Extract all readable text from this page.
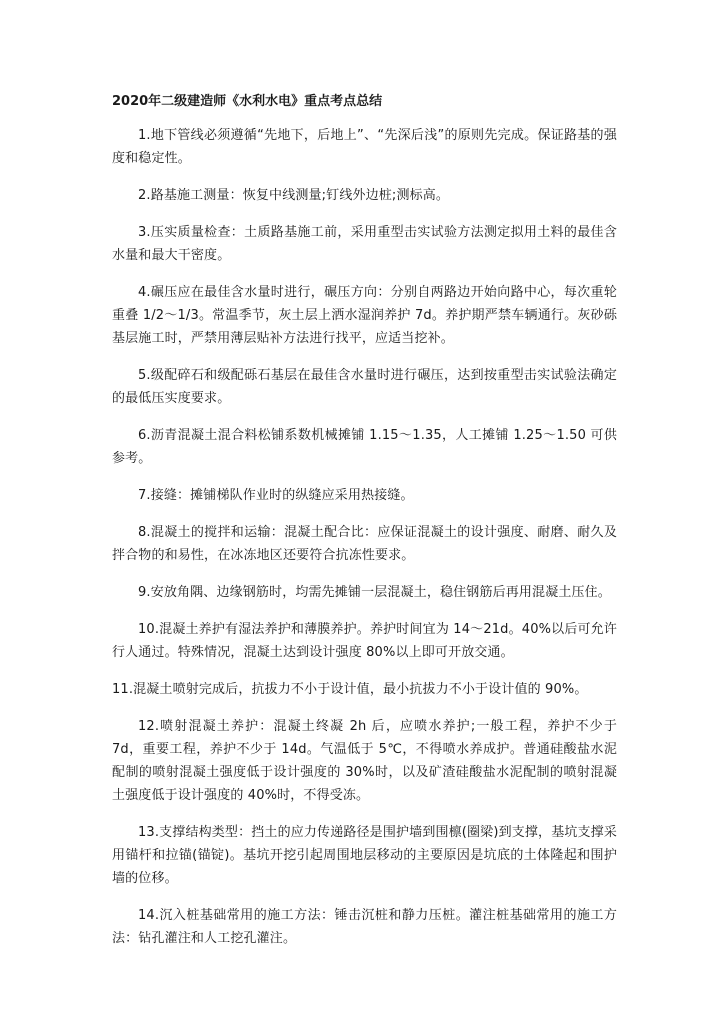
2020年二级建造师《水利水电》重点考点总结

1.地下管线必须遵循“先地下，后地上”、“先深后浅”的原则先完成。保证路基的强度和稳定性。

2.路基施工测量：恢复中线测量;钉线外边桩;测标高。

3.压实质量检查：土质路基施工前，采用重型击实试验方法测定拟用土料的最佳含水量和最大干密度。

4.碾压应在最佳含水量时进行，碾压方向：分别自两路边开始向路中心，每次重轮重叠 1/2～1/3。常温季节，灰土层上洒水湿润养护 7d。养护期严禁车辆通行。灰砂砾基层施工时，严禁用薄层贴补方法进行找平，应适当挖补。

5.级配碎石和级配砾石基层在最佳含水量时进行碾压，达到按重型击实试验法确定的最低压实度要求。

6.沥青混凝土混合料松铺系数机械摊铺 1.15～1.35，人工摊铺 1.25～1.50 可供参考。

7.接缝：摊铺梯队作业时的纵缝应采用热接缝。

8.混凝土的搅拌和运输：混凝土配合比：应保证混凝土的设计强度、耐磨、耐久及拌合物的和易性，在冰冻地区还要符合抗冻性要求。

9.安放角隅、边缘钢筋时，均需先摊铺一层混凝土，稳住钢筋后再用混凝土压住。

10.混凝土养护有湿法养护和薄膜养护。养护时间宜为 14～21d。40%以后可允许行人通过。特殊情况，混凝土达到设计强度 80%以上即可开放交通。

11.混凝土喷射完成后，抗拔力不小于设计值，最小抗拔力不小于设计值的 90%。

12.喷射混凝土养护：混凝土终凝 2h 后，应喷水养护;一般工程，养护不少于 7d，重要工程，养护不少于 14d。气温低于 5℃，不得喷水养成护。普通硅酸盐水泥配制的喷射混凝土强度低于设计强度的 30%时，以及矿渣硅酸盐水泥配制的喷射混凝土强度低于设计强度的 40%时，不得受冻。

13.支撑结构类型：挡土的应力传递路径是围护墙到围檩(圈梁)到支撑，基坑支撑采用锚杆和拉锚(锚锭)。基坑开挖引起周围地层移动的主要原因是坑底的土体隆起和围护墙的位移。

14.沉入桩基础常用的施工方法：锤击沉桩和静力压桩。灌注桩基础常用的施工方法：钻孔灌注和人工挖孔灌注。
